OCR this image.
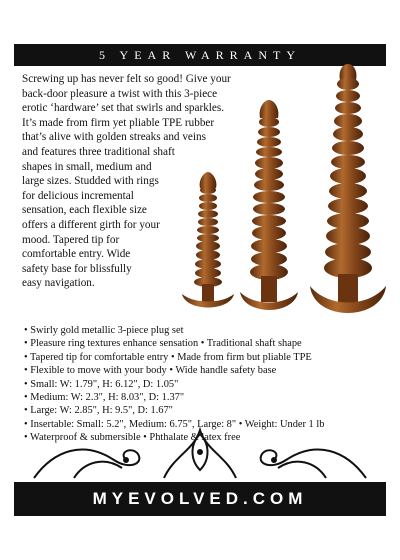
5 YEAR WARRANTY
Screwing up has never felt so good! Give your
back-door pleasure a twist with this 3-piece
erotic ‘hardware’ set that swirls and sparkles.
It’s made from firm yet pliable TPE rubber
that’s alive with golden streaks and veins
and features three traditional shaft
shapes in small, medium and
large sizes. Studded with rings
for delicious incremental
sensation, each flexible size
offers a different girth for your
mood. Tapered tip for
comfortable entry. Wide
safety base for blissfully
easy navigation.
• Swirly gold metallic 3-piece plug set
• Pleasure ring textures enhance sensation • Traditional shaft shape
• Tapered tip for comfortable entry • Made from firm but pliable TPE
• Flexible to move with your body • Wide handle safety base
• Small: W: 1.79", H: 6.12", D: 1.05"
• Medium: W: 2.3", H: 8.03", D: 1.37"
• Large: W: 2.85", H: 9.5", D: 1.67"
• Insertable: Small: 5.2", Medium: 6.75", Large: 8" • Weight: Under 1 lb
• Waterproof & submersible • Phthalate & latex free
MYEVOLVED.COM
